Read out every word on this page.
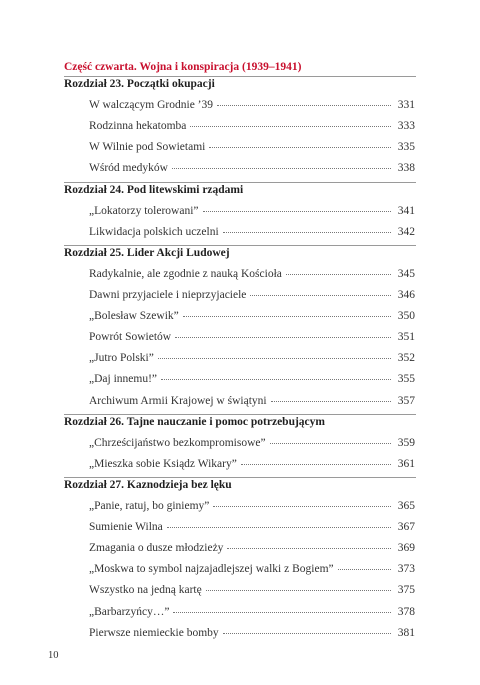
Część czwarta. Wojna i konspiracja (1939–1941)
Rozdział 23. Początki okupacji
W walczącym Grodnie ’39	331
Rodzinna hekatomba	333
W Wilnie pod Sowietami	335
Wśród medyków	338
Rozdział 24. Pod litewskimi rządami
„Lokatorzy tolerowani”	341
Likwidacja polskich uczelni	342
Rozdział 25. Lider Akcji Ludowej
Radykalnie, ale zgodnie z nauką Kościoła	345
Dawni przyjaciele i nieprzyjaciele	346
„Bolesław Szewik”	350
Powrót Sowietów	351
„Jutro Polski”	352
„Daj innemu!”	355
Archiwum Armii Krajowej w świątyni	357
Rozdział 26. Tajne nauczanie i pomoc potrzebującym
„Chrześcijaństwo bezkompromisowe”	359
„Mieszka sobie Ksiądz Wikary”	361
Rozdział 27. Kaznodzieja bez lęku
„Panie, ratuj, bo giniemy”	365
Sumienie Wilna	367
Zmagania o dusze młodzieży	369
„Moskwa to symbol najzajadlejszej walki z Bogiem”	373
Wszystko na jedną kartę	375
„Barbarzyńcy…”	378
Pierwsze niemieckie bomby	381
10
